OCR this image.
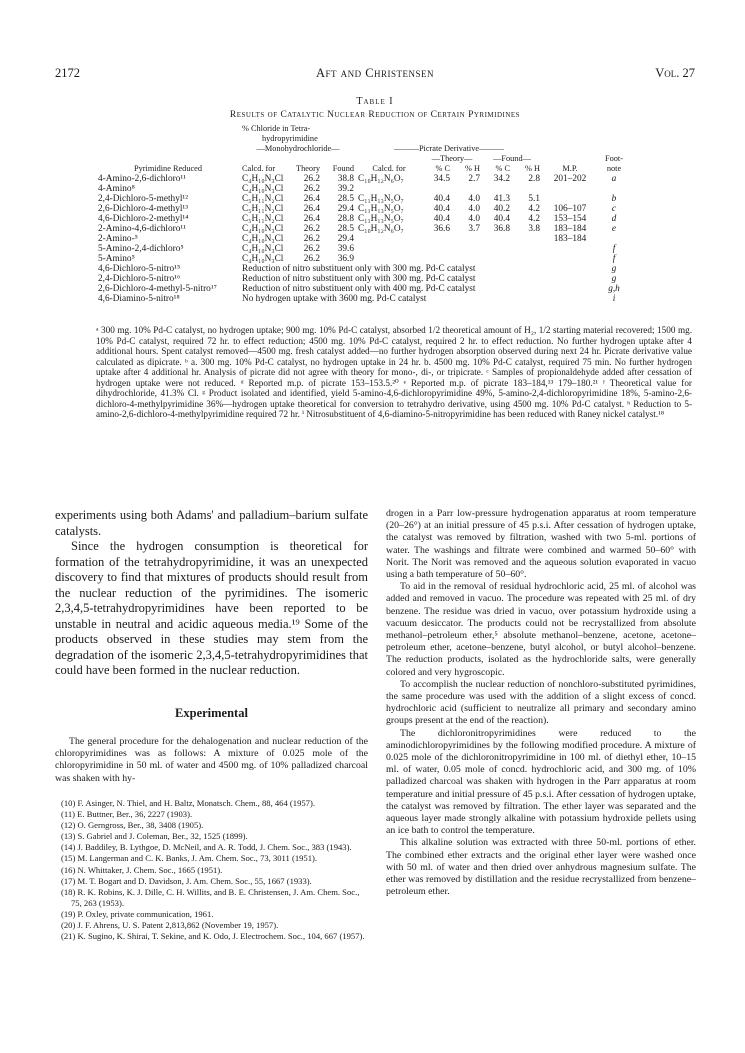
2172	Aft and Christensen	Vol. 27
Table I
Results of Catalytic Nuclear Reduction of Certain Pyrimidines
	% Chloride in Tetra-									
	hydropyrimidine									
	—Monohydrochloride—			———Picrate Derivative———						
					—Theory—		—Found—			Foot-
Pyrimidine Reduced	Calcd. for	Theory	Found	Calcd. for	% C	% H	% C	% H	M.P.	note
4-Amino-2,6-dichloro¹¹	C₄H₁₀N₃Cl	26.2	38.8	C₁₀H₁₂N₆O₇	34.5	2.7	34.2	2.8	201–202	a
4-Amino⁸	C₄H₁₀N₃Cl	26.2	39.2							
2,4-Dichloro-5-methyl¹²	C₅H₁₁N₂Cl	26.4	28.5	C₁₁H₁₃N₅O₇	40.4	4.0	41.3	5.1		b
2,6-Dichloro-4-methyl¹³	C₅H₁₁N₂Cl	26.4	29.4	C₁₁H₁₃N₅O₇	40.4	4.0	40.2	4.2	106–107	c
4,6-Dichloro-2-methyl¹⁴	C₅H₁₁N₂Cl	26.4	28.8	C₁₁H₁₃N₅O₇	40.4	4.0	40.4	4.2	153–154	d
2-Amino-4,6-dichloro¹¹	C₄H₁₀N₃Cl	26.2	28.5	C₁₀H₁₂N₆O₇	36.6	3.7	36.8	3.8	183–184	e
2-Amino-⁵	C₄H₁₀N₃Cl	26.2	29.4						183–184	
5-Amino-2,4-dichloro⁵	C₄H₁₀N₃Cl	26.2	39.6							f
5-Amino⁵	C₄H₁₀N₃Cl	26.2	36.9							f
4,6-Dichloro-5-nitro¹⁵	Reduction of nitro substituent only with 300 mg. Pd-C catalyst									g
2,4-Dichloro-5-nitro¹⁶	Reduction of nitro substituent only with 300 mg. Pd-C catalyst									g
2,6-Dichloro-4-methyl-5-nitro¹⁷	Reduction of nitro substituent only with 400 mg. Pd-C catalyst									g,h
4,6-Diamino-5-nitro¹⁸	No hydrogen uptake with 3600 mg. Pd-C catalyst									i
ᵃ 300 mg. 10% Pd-C catalyst, no hydrogen uptake; 900 mg. 10% Pd-C catalyst, absorbed 1/2 theoretical amount of H₂, 1/2 starting material recovered; 1500 mg. 10% Pd-C catalyst, required 72 hr. to effect reduction; 4500 mg. 10% Pd-C catalyst, required 2 hr. to effect reduction. No further hydrogen uptake after 4 additional hours. Spent catalyst removed—4500 mg. fresh catalyst added—no further hydrogen absorption observed during next 24 hr. Picrate derivative value calculated as dipicrate. ᵇ a. 300 mg. 10% Pd-C catalyst, no hydrogen uptake in 24 hr. b. 4500 mg. 10% Pd-C catalyst, required 75 min. No further hydrogen uptake after 4 additional hr. Analysis of picrate did not agree with theory for mono-, di-, or tripicrate. ᶜ Samples of propionaldehyde added after cessation of hydrogen uptake were not reduced. ᵈ Reported m.p. of picrate 153–153.5.²⁰ ᵉ Reported m.p. of picrate 183–184,¹³ 179–180.²¹ ᶠ Theoretical value for dihydrochloride, 41.3% Cl. ᵍ Product isolated and identified, yield 5-amino-4,6-dichloropyrimidine 49%, 5-amino-2,4-dichloropyrimidine 18%, 5-amino-2,6-dichloro-4-methylpyrimidine 36%—hydrogen uptake theoretical for conversion to tetrahydro derivative, using 4500 mg. 10% Pd-C catalyst. ʰ Reduction to 5-amino-2,6-dichloro-4-methylpyrimidine required 72 hr. ⁱ Nitrosubstituent of 4,6-diamino-5-nitropyrimidine has been reduced with Raney nickel catalyst.¹⁸

experiments using both Adams' and palladium–barium sulfate catalysts.

Since the hydrogen consumption is theoretical for formation of the tetrahydropyrimidine, it was an unexpected discovery to find that mixtures of products should result from the nuclear reduction of the pyrimidines. The isomeric 2,3,4,5-tetrahydropyrimidines have been reported to be unstable in neutral and acidic aqueous media.¹⁹ Some of the products observed in these studies may stem from the degradation of the isomeric 2,3,4,5-tetrahydropyrimidines that could have been formed in the nuclear reduction.

Experimental
The general procedure for the dehalogenation and nuclear reduction of the chloropyrimidines was as follows: A mixture of 0.025 mole of the chloropyrimidine in 50 ml. of water and 4500 mg. of 10% palladized charcoal was shaken with hy-
(10) F. Asinger, N. Thiel, and H. Baltz, Monatsch. Chem., 88, 464 (1957).
(11) E. Buttner, Ber., 36, 2227 (1903).
(12) O. Gerngross, Ber., 38, 3408 (1905).
(13) S. Gabriel and J. Coleman, Ber., 32, 1525 (1899).
(14) J. Baddiley, B. Lythgoe, D. McNeil, and A. R. Todd, J. Chem. Soc., 383 (1943).
(15) M. Langerman and C. K. Banks, J. Am. Chem. Soc., 73, 3011 (1951).
(16) N. Whittaker, J. Chem. Soc., 1665 (1951).
(17) M. T. Bogart and D. Davidson, J. Am. Chem. Soc., 55, 1667 (1933).
(18) R. K. Robins, K. J. Dille, C. H. Willits, and B. E. Christensen, J. Am. Chem. Soc., 75, 263 (1953).
(19) P. Oxley, private communication, 1961.
(20) J. F. Ahrens, U. S. Patent 2,813,862 (November 19, 1957).
(21) K. Sugino, K. Shirai, T. Sekine, and K. Odo, J. Electrochem. Soc., 104, 667 (1957).

drogen in a Parr low-pressure hydrogenation apparatus at room temperature (20–26°) at an initial pressure of 45 p.s.i. After cessation of hydrogen uptake, the catalyst was removed by filtration, washed with two 5-ml. portions of water. The washings and filtrate were combined and warmed 50–60° with Norit. The Norit was removed and the aqueous solution evaporated in vacuo using a bath temperature of 50–60°.

To aid in the removal of residual hydrochloric acid, 25 ml. of alcohol was added and removed in vacuo. The procedure was repeated with 25 ml. of dry benzene. The residue was dried in vacuo, over potassium hydroxide using a vacuum desiccator. The products could not be recrystallized from absolute methanol–petroleum ether,⁵ absolute methanol–benzene, acetone, acetone–petroleum ether, acetone–benzene, butyl alcohol, or butyl alcohol–benzene. The reduction products, isolated as the hydrochloride salts, were generally colored and very hygroscopic.

To accomplish the nuclear reduction of nonchloro-substituted pyrimidines, the same procedure was used with the addition of a slight excess of concd. hydrochloric acid (sufficient to neutralize all primary and secondary amino groups present at the end of the reaction).

The dichloronitropyrimidines were reduced to the aminodichloropyrimidines by the following modified procedure. A mixture of 0.025 mole of the dichloronitropyrimidine in 100 ml. of diethyl ether, 10–15 ml. of water, 0.05 mole of concd. hydrochloric acid, and 300 mg. of 10% palladized charcoal was shaken with hydrogen in the Parr apparatus at room temperature and initial pressure of 45 p.s.i. After cessation of hydrogen uptake, the catalyst was removed by filtration. The ether layer was separated and the aqueous layer made strongly alkaline with potassium hydroxide pellets using an ice bath to control the temperature.

This alkaline solution was extracted with three 50-ml. portions of ether. The combined ether extracts and the original ether layer were washed once with 50 ml. of water and then dried over anhydrous magnesium sulfate. The ether was removed by distillation and the residue recrystallized from benzene–petroleum ether.
